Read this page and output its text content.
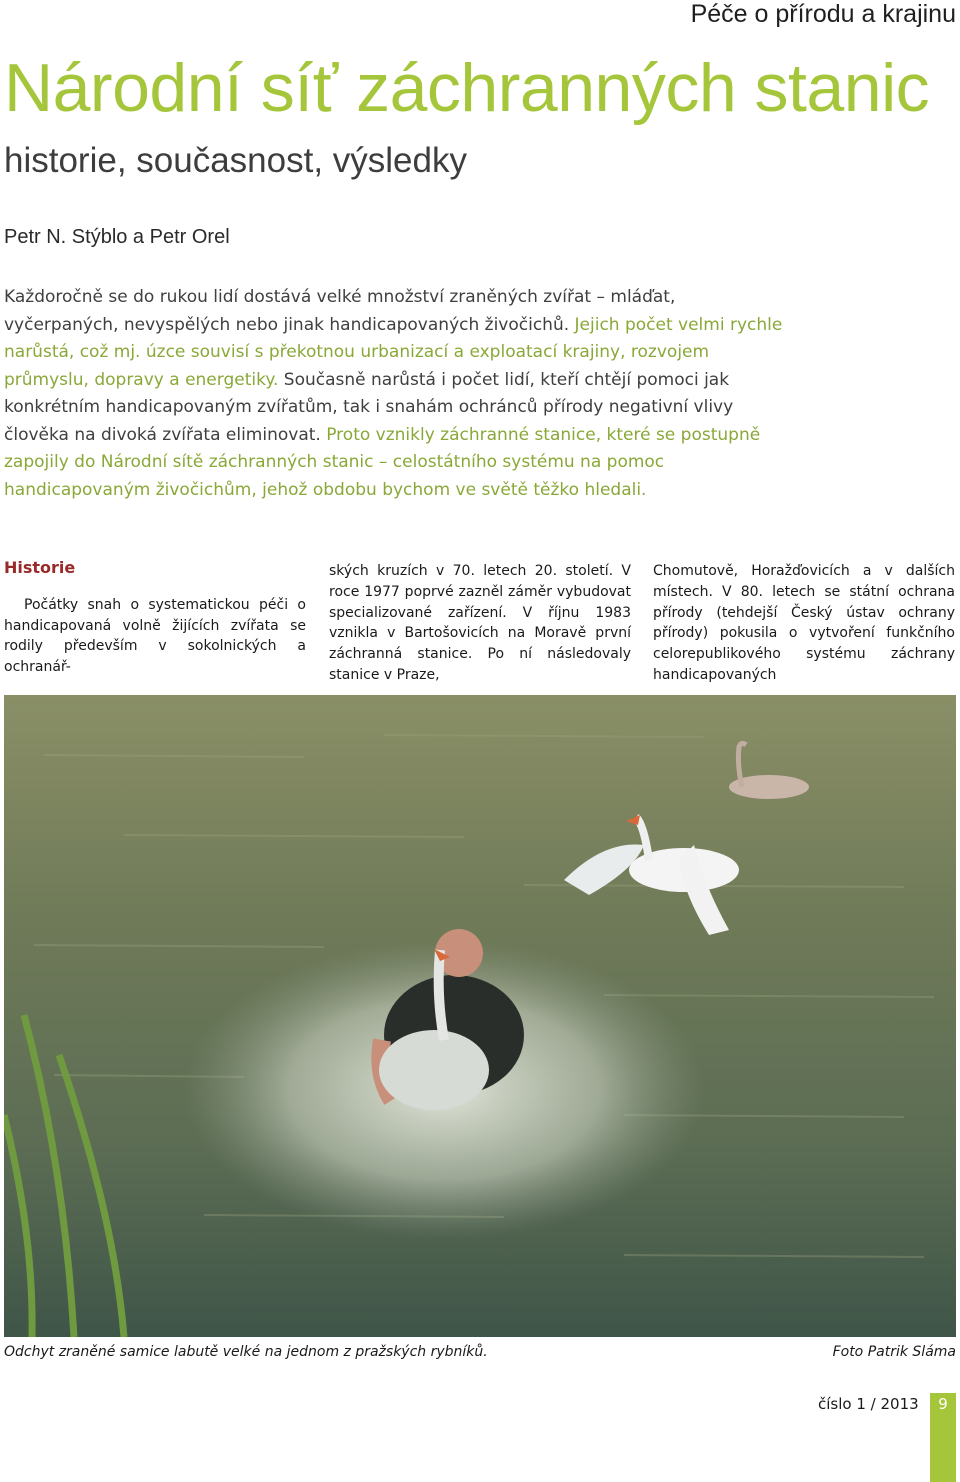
Péče o přírodu a krajinu
Národní síť záchranných stanic
historie, současnost, výsledky
Petr N. Stýblo a Petr Orel

Každoročně se do rukou lidí dostává velké množství zraněných zvířat – mláďat, vyčerpaných, nevyspělých nebo jinak handicapovaných živočichů. Jejich počet velmi rychle narůstá, což mj. úzce souvisí s překotnou urbanizací a exploatací krajiny, rozvojem průmyslu, dopravy a energetiky. Současně narůstá i počet lidí, kteří chtějí pomoci jak konkrétním handicapovaným zvířatům, tak i snahám ochránců přírody negativní vlivy člověka na divoká zvířata eliminovat. Proto vznikly záchranné stanice, které se postupně zapojily do Národní sítě záchranných stanic – celostátního systému na pomoc handicapovaným živočichům, jehož obdobu bychom ve světě těžko hledali.

Historie

Počátky snah o systematickou péči o handicapovaná volně žijících zvířata se rodily především v sokolnických a ochranář-

ských kruzích v 70. letech 20. století. V roce 1977 poprvé zazněl záměr vybudovat specializované zařízení. V říjnu 1983 vznikla v Bartošovicích na Moravě první záchranná stanice. Po ní následovaly stanice v Praze,

Chomutově, Horažďovicích a v dalších místech. V 80. letech se státní ochrana přírody (tehdejší Český ústav ochrany přírody) pokusila o vytvoření funkčního celorepublikového systému záchrany handicapovaných

Odchyt zraněné samice labutě velké na jednom z pražských rybníků.	Foto Patrik Sláma
číslo 1 / 2013	9
